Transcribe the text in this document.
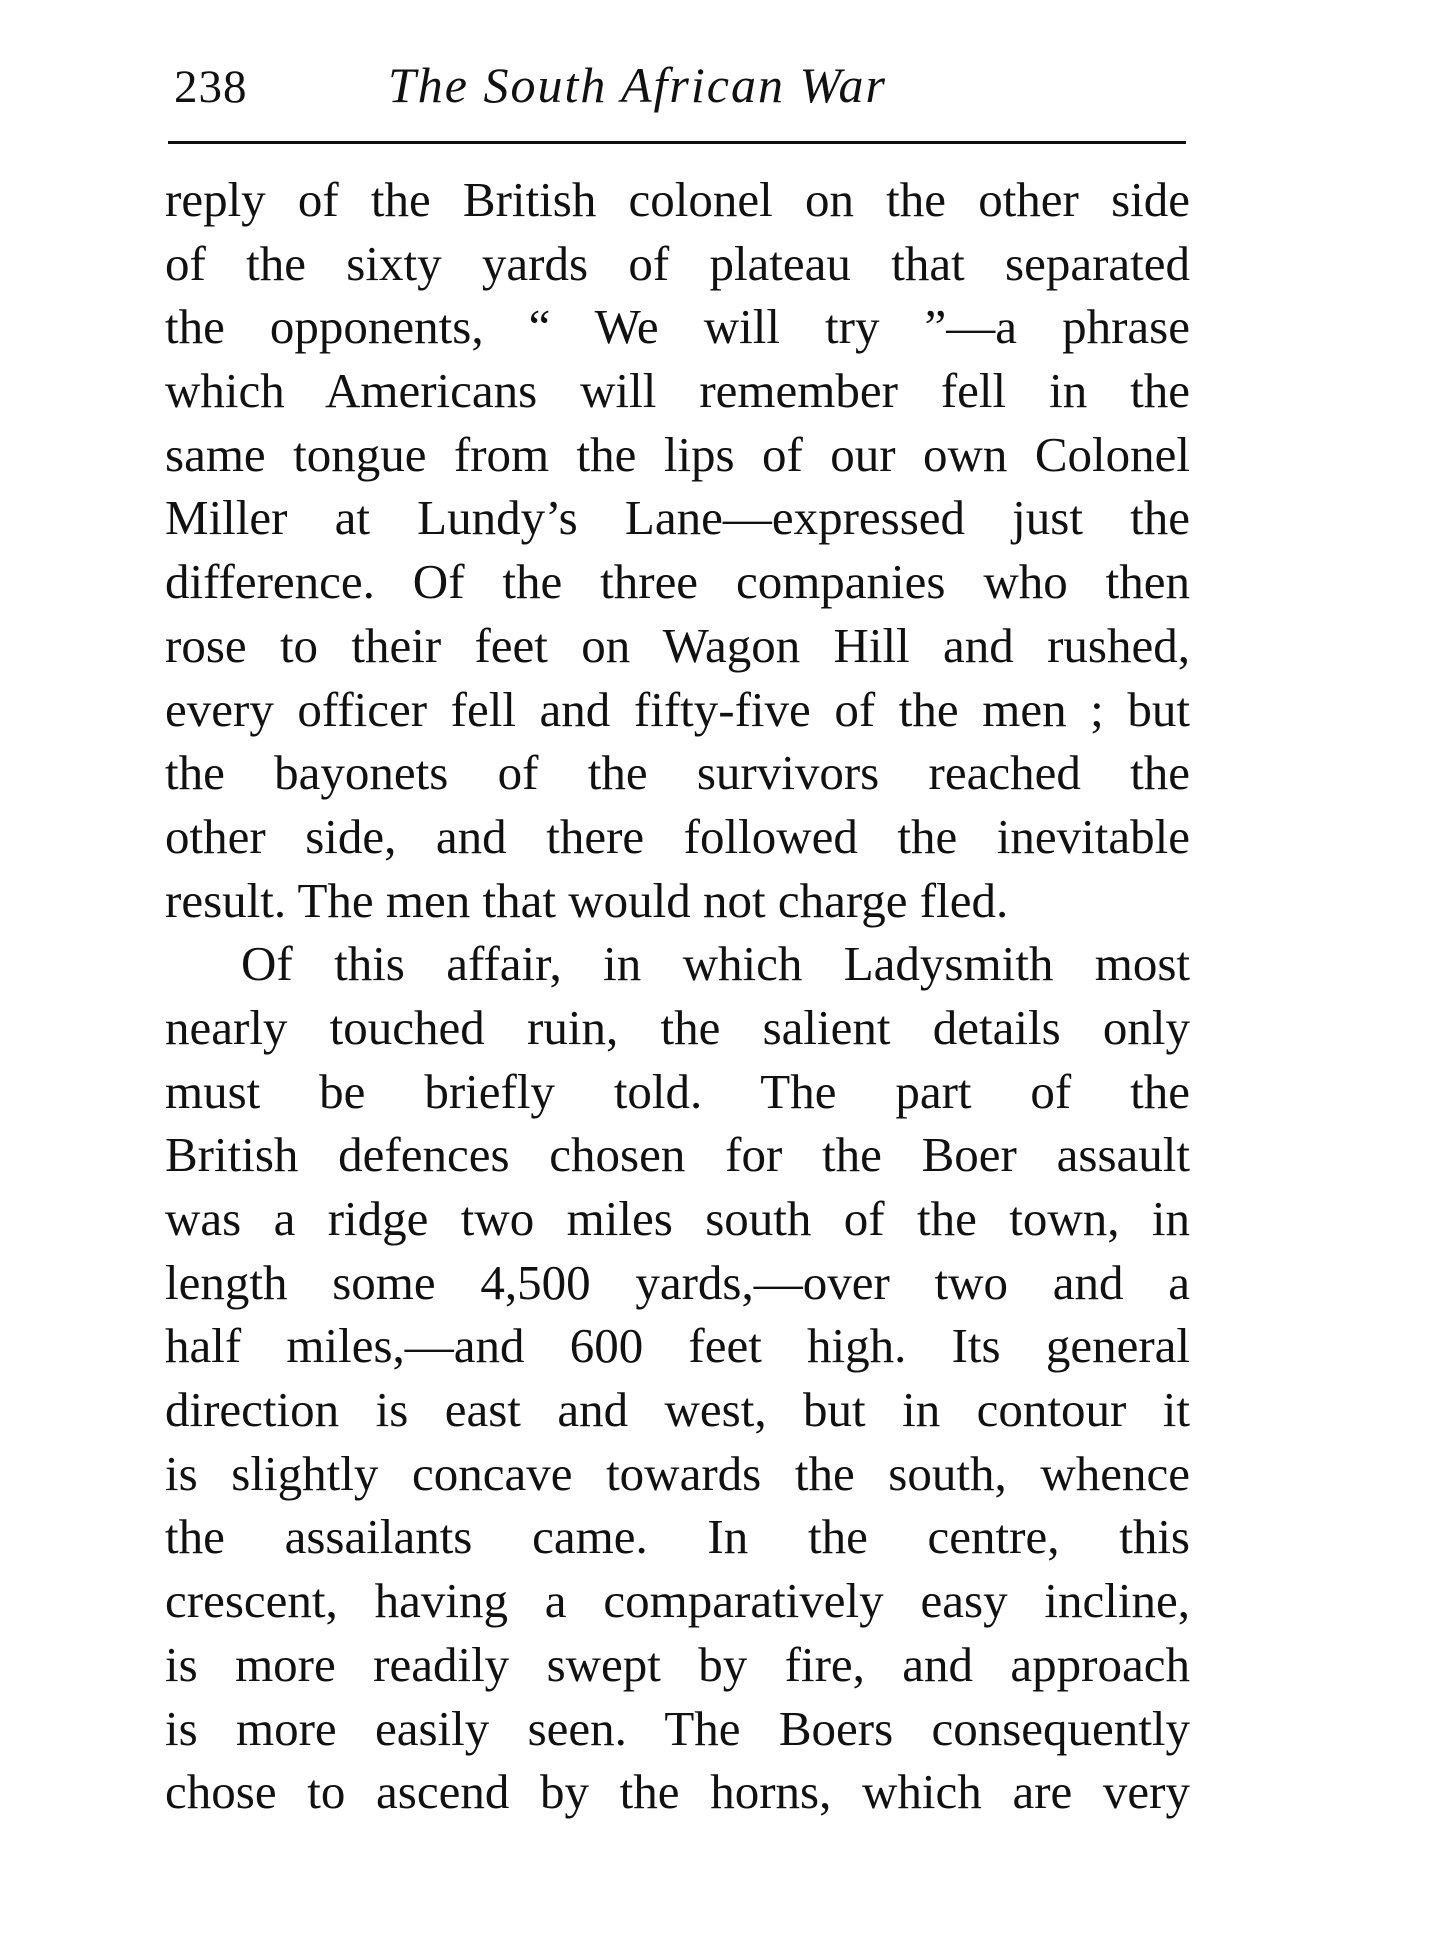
238	The South African War
reply of the British colonel on the other side
of the sixty yards of plateau that separated
the opponents, “ We will try ”—a phrase
which Americans will remember fell in the
same tongue from the lips of our own Colonel
Miller at Lundy’s Lane—expressed just the
difference. Of the three companies who then
rose to their feet on Wagon Hill and rushed,
every officer fell and fifty-five of the men ; but
the bayonets of the survivors reached the
other side, and there followed the inevitable
result. The men that would not charge fled.
Of this affair, in which Ladysmith most
nearly touched ruin, the salient details only
must be briefly told. The part of the
British defences chosen for the Boer assault
was a ridge two miles south of the town, in
length some 4,500 yards,—over two and a
half miles,—and 600 feet high. Its general
direction is east and west, but in contour it
is slightly concave towards the south, whence
the assailants came. In the centre, this
crescent, having a comparatively easy incline,
is more readily swept by fire, and approach
is more easily seen. The Boers consequently
chose to ascend by the horns, which are very
